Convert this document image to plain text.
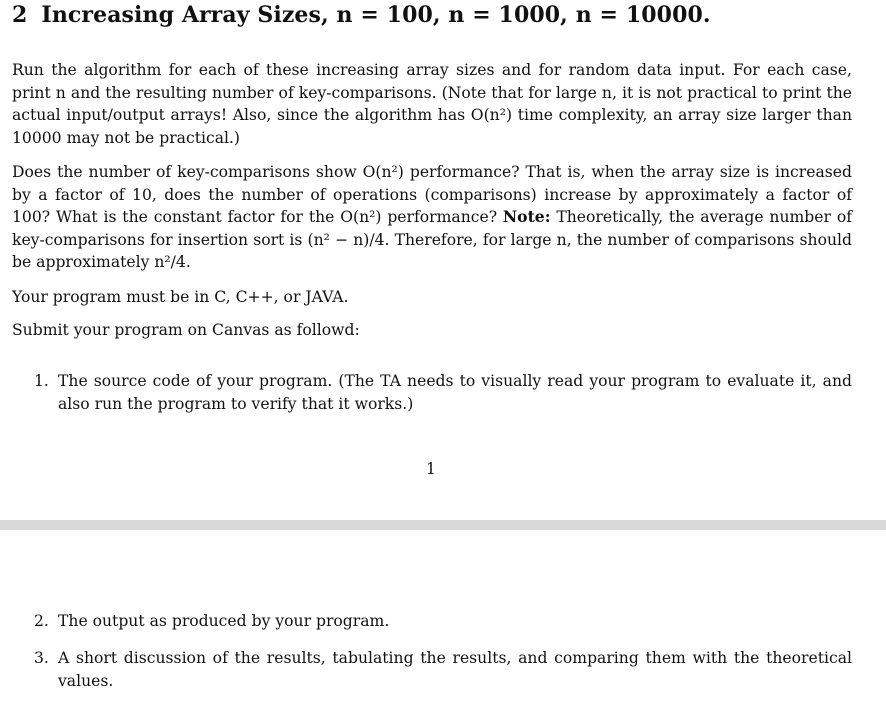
2 Increasing Array Sizes, n = 100, n = 1000, n = 10000.

Run the algorithm for each of these increasing array sizes and for random data input. For each case, print n and the resulting number of key-comparisons. (Note that for large n, it is not practical to print the actual input/output arrays! Also, since the algorithm has O(n²) time complexity, an array size larger than 10000 may not be practical.)

Does the number of key-comparisons show O(n²) performance? That is, when the array size is increased by a factor of 10, does the number of operations (comparisons) increase by approximately a factor of 100? What is the constant factor for the O(n²) performance? Note: Theoretically, the average number of key-comparisons for insertion sort is (n² − n)/4. Therefore, for large n, the number of comparisons should be approximately n²/4.

Your program must be in C, C++, or JAVA.

Submit your program on Canvas as followd:

1. The source code of your program. (The TA needs to visually read your program to evaluate it, and also run the program to verify that it works.)
1
2. The output as produced by your program.
3. A short discussion of the results, tabulating the results, and comparing them with the theoretical values.
